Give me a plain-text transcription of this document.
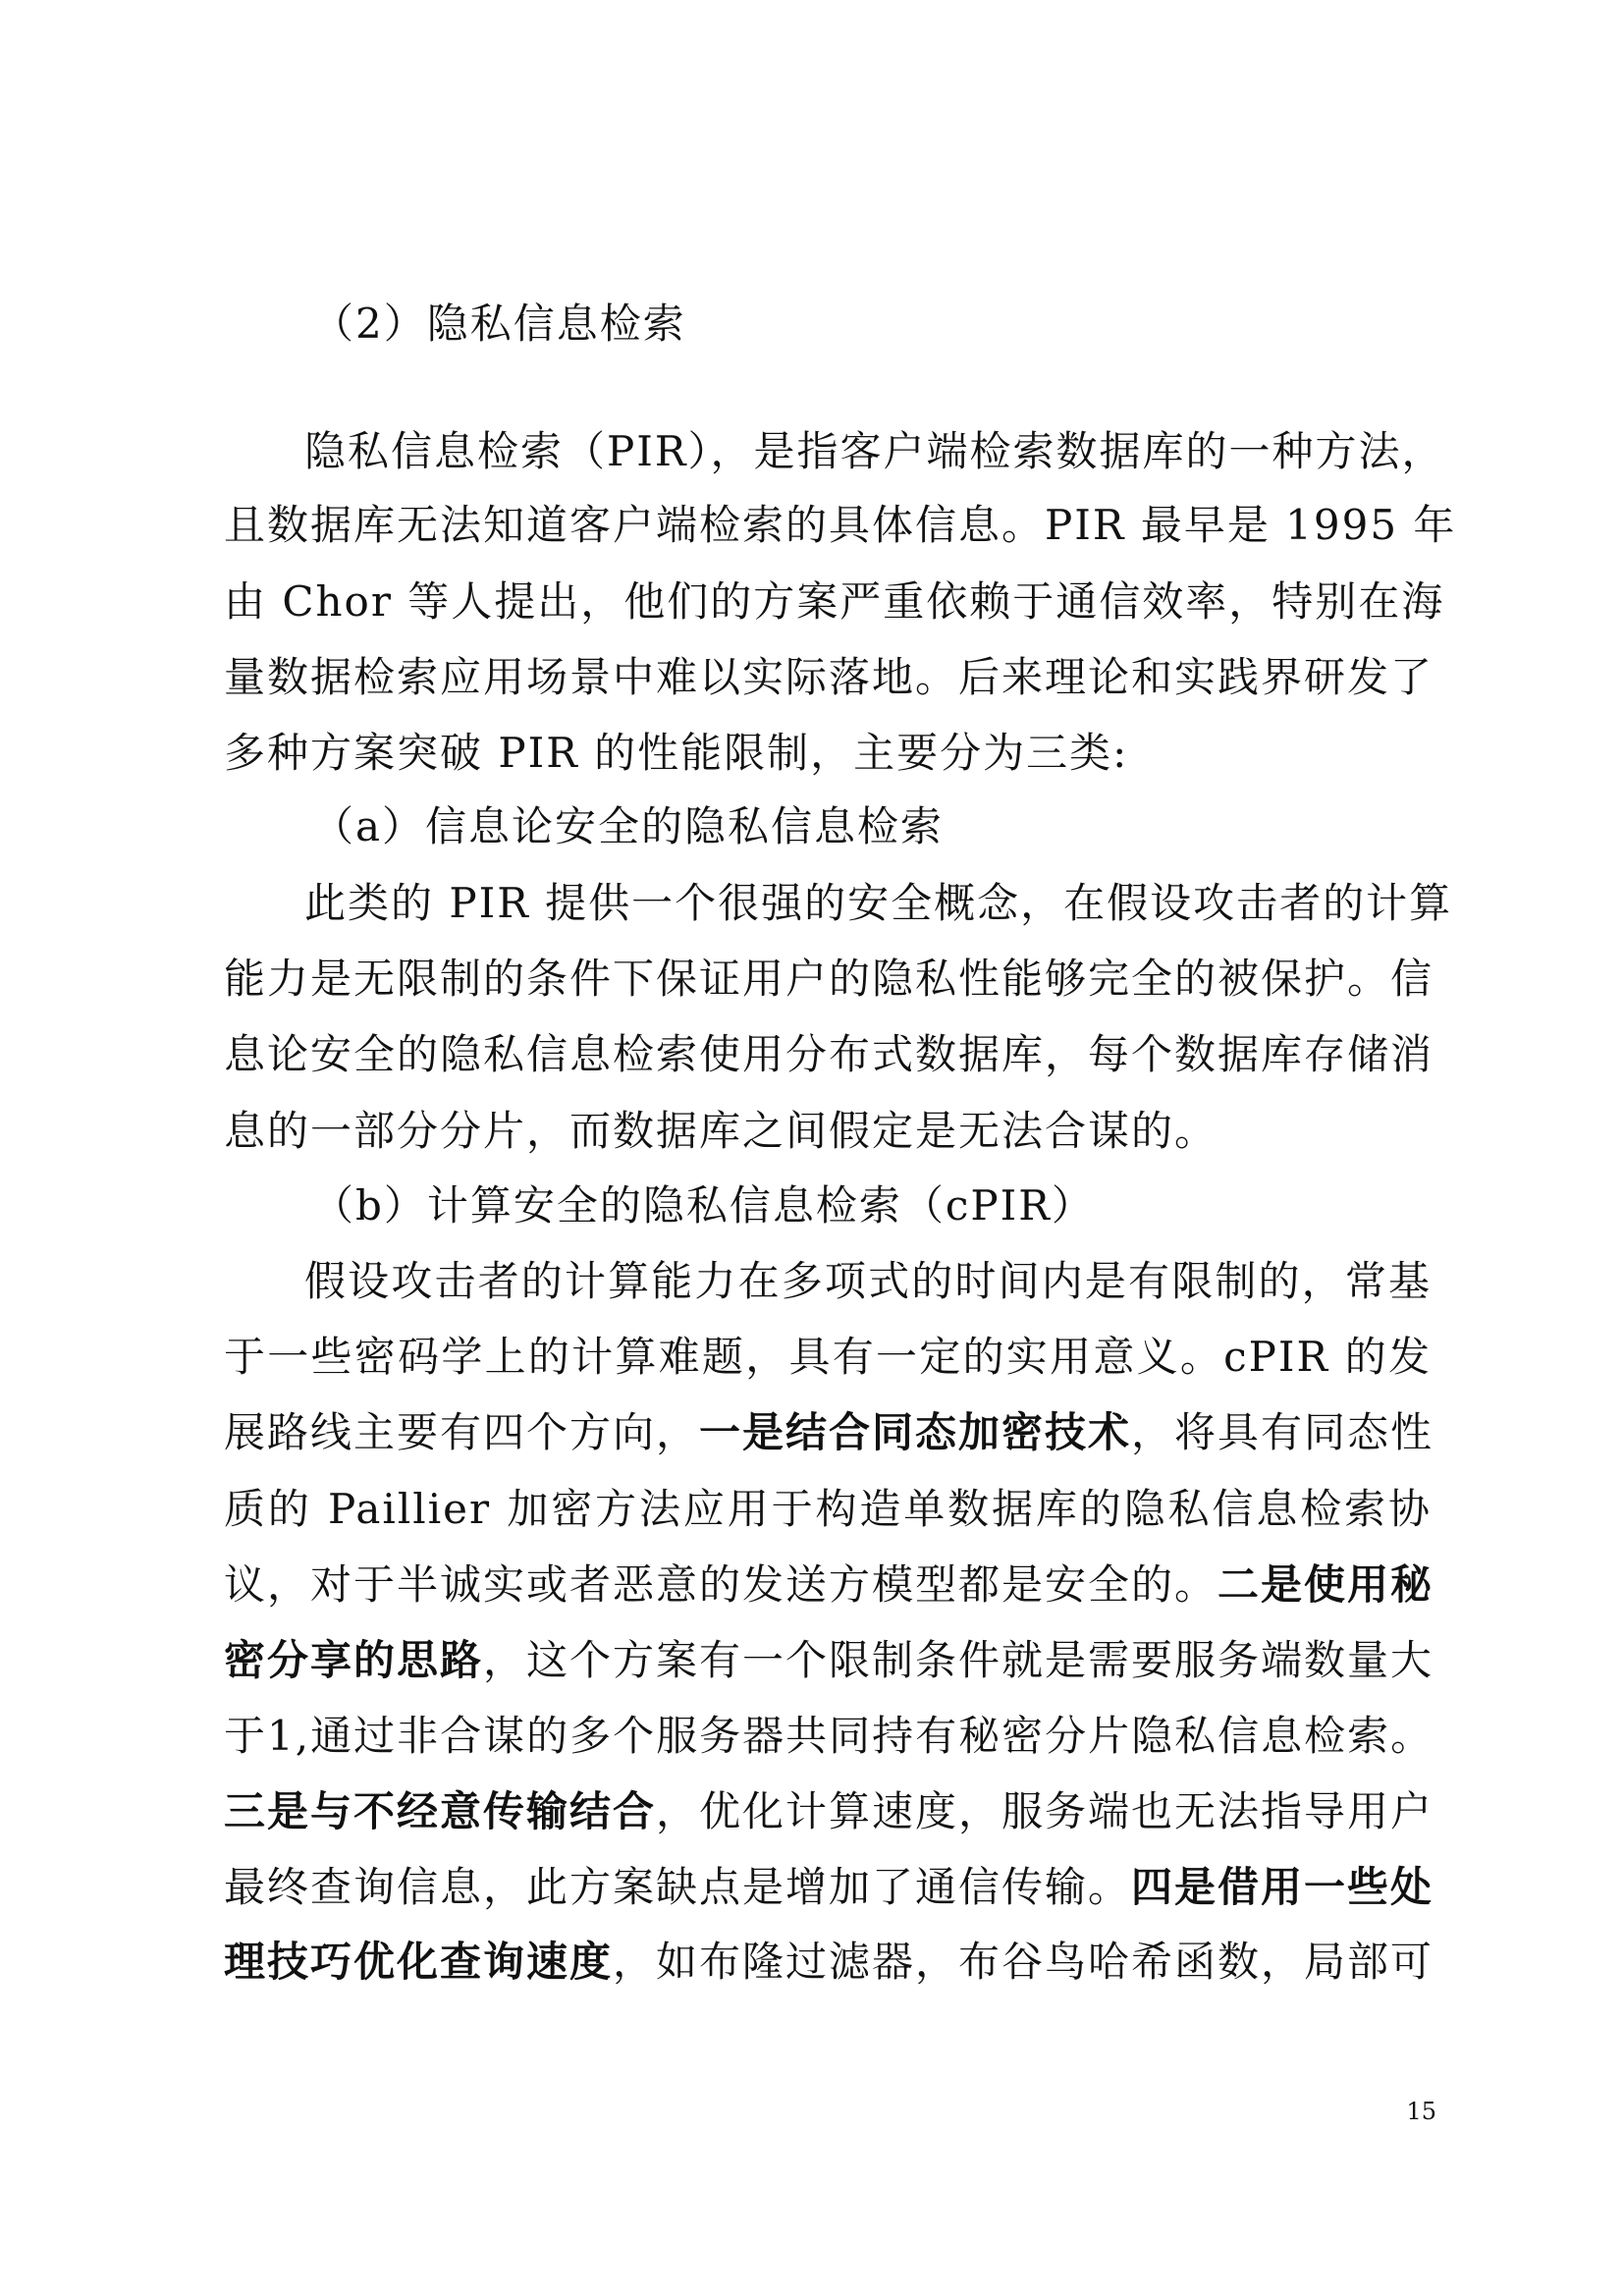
（2）隐私信息检索
隐私信息检索（PIR），是指客户端检索数据库的一种方法，
且数据库无法知道客户端检索的具体信息。PIR 最早是 1995 年
由 Chor 等人提出，他们的方案严重依赖于通信效率，特别在海
量数据检索应用场景中难以实际落地。后来理论和实践界研发了
多种方案突破 PIR 的性能限制，主要分为三类:
（a）信息论安全的隐私信息检索
此类的 PIR 提供一个很强的安全概念，在假设攻击者的计算
能力是无限制的条件下保证用户的隐私性能够完全的被保护。信
息论安全的隐私信息检索使用分布式数据库，每个数据库存储消
息的一部分分片，而数据库之间假定是无法合谋的。
（b）计算安全的隐私信息检索（cPIR）
假设攻击者的计算能力在多项式的时间内是有限制的，常基
于一些密码学上的计算难题，具有一定的实用意义。cPIR 的发
展路线主要有四个方向，一是结合同态加密技术，将具有同态性
质的 Paillier 加密方法应用于构造单数据库的隐私信息检索协
议，对于半诚实或者恶意的发送方模型都是安全的。二是使用秘
密分享的思路，这个方案有一个限制条件就是需要服务端数量大
于1,通过非合谋的多个服务器共同持有秘密分片隐私信息检索。
三是与不经意传输结合，优化计算速度，服务端也无法指导用户
最终查询信息，此方案缺点是增加了通信传输。四是借用一些处
理技巧优化查询速度，如布隆过滤器，布谷鸟哈希函数，局部可
15
